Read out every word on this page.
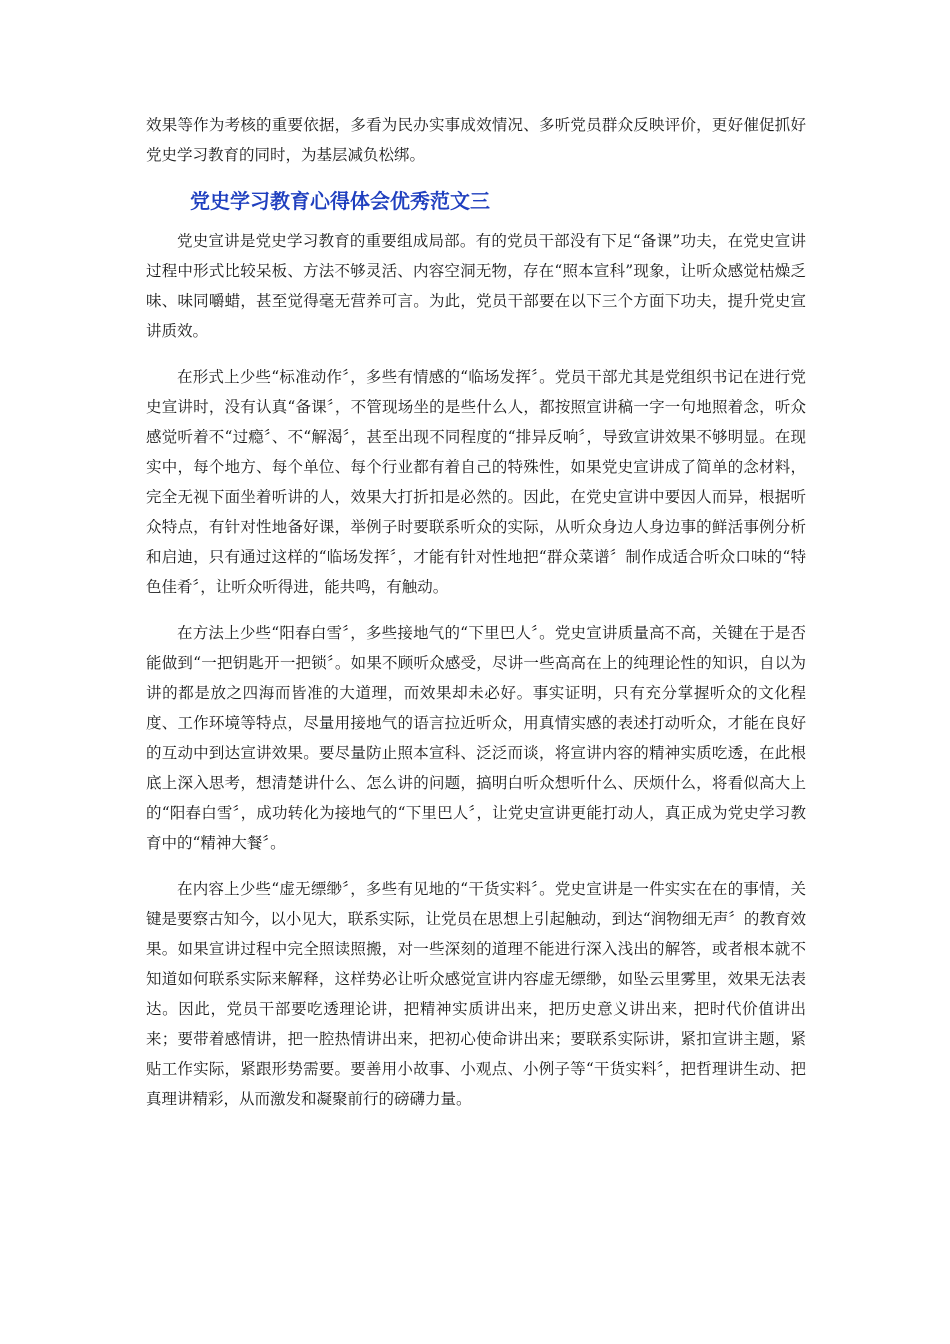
效果等作为考核的重要依据，多看为民办实事成效情况、多听党员群众反映评价，更好催促抓好党史学习教育的同时，为基层减负松绑。

党史学习教育心得体会优秀范文三

党史宣讲是党史学习教育的重要组成局部。有的党员干部没有下足“备课”功夫，在党史宣讲过程中形式比较呆板、方法不够灵活、内容空洞无物，存在“照本宣科”现象，让听众感觉枯燥乏味、味同嚼蜡，甚至觉得毫无营养可言。为此，党员干部要在以下三个方面下功夫，提升党史宣讲质效。

在形式上少些“标准动作〞，多些有情感的“临场发挥〞。党员干部尤其是党组织书记在进行党史宣讲时，没有认真“备课〞，不管现场坐的是些什么人，都按照宣讲稿一字一句地照着念，听众感觉听着不“过瘾〞、不“解渴〞，甚至出现不同程度的“排异反响〞，导致宣讲效果不够明显。在现实中，每个地方、每个单位、每个行业都有着自己的特殊性，如果党史宣讲成了简单的念材料，完全无视下面坐着听讲的人，效果大打折扣是必然的。因此，在党史宣讲中要因人而异，根据听众特点，有针对性地备好课，举例子时要联系听众的实际，从听众身边人身边事的鲜活事例分析和启迪，只有通过这样的“临场发挥〞，才能有针对性地把“群众菜谱〞制作成适合听众口味的“特色佳肴〞，让听众听得进，能共鸣，有触动。

在方法上少些“阳春白雪〞，多些接地气的“下里巴人〞。党史宣讲质量高不高，关键在于是否能做到“一把钥匙开一把锁〞。如果不顾听众感受，尽讲一些高高在上的纯理论性的知识，自以为讲的都是放之四海而皆准的大道理，而效果却未必好。事实证明，只有充分掌握听众的文化程度、工作环境等特点，尽量用接地气的语言拉近听众，用真情实感的表述打动听众，才能在良好的互动中到达宣讲效果。要尽量防止照本宣科、泛泛而谈，将宣讲内容的精神实质吃透，在此根底上深入思考，想清楚讲什么、怎么讲的问题，搞明白听众想听什么、厌烦什么，将看似高大上的“阳春白雪〞，成功转化为接地气的“下里巴人〞，让党史宣讲更能打动人，真正成为党史学习教育中的“精神大餐〞。

在内容上少些“虚无缥缈〞，多些有见地的“干货实料〞。党史宣讲是一件实实在在的事情，关键是要察古知今，以小见大，联系实际，让党员在思想上引起触动，到达“润物细无声〞的教育效果。如果宣讲过程中完全照读照搬，对一些深刻的道理不能进行深入浅出的解答，或者根本就不知道如何联系实际来解释，这样势必让听众感觉宣讲内容虚无缥缈，如坠云里雾里，效果无法表达。因此，党员干部要吃透理论讲，把精神实质讲出来，把历史意义讲出来，把时代价值讲出来；要带着感情讲，把一腔热情讲出来，把初心使命讲出来；要联系实际讲，紧扣宣讲主题，紧贴工作实际，紧跟形势需要。要善用小故事、小观点、小例子等“干货实料〞，把哲理讲生动、把真理讲精彩，从而激发和凝聚前行的磅礴力量。
